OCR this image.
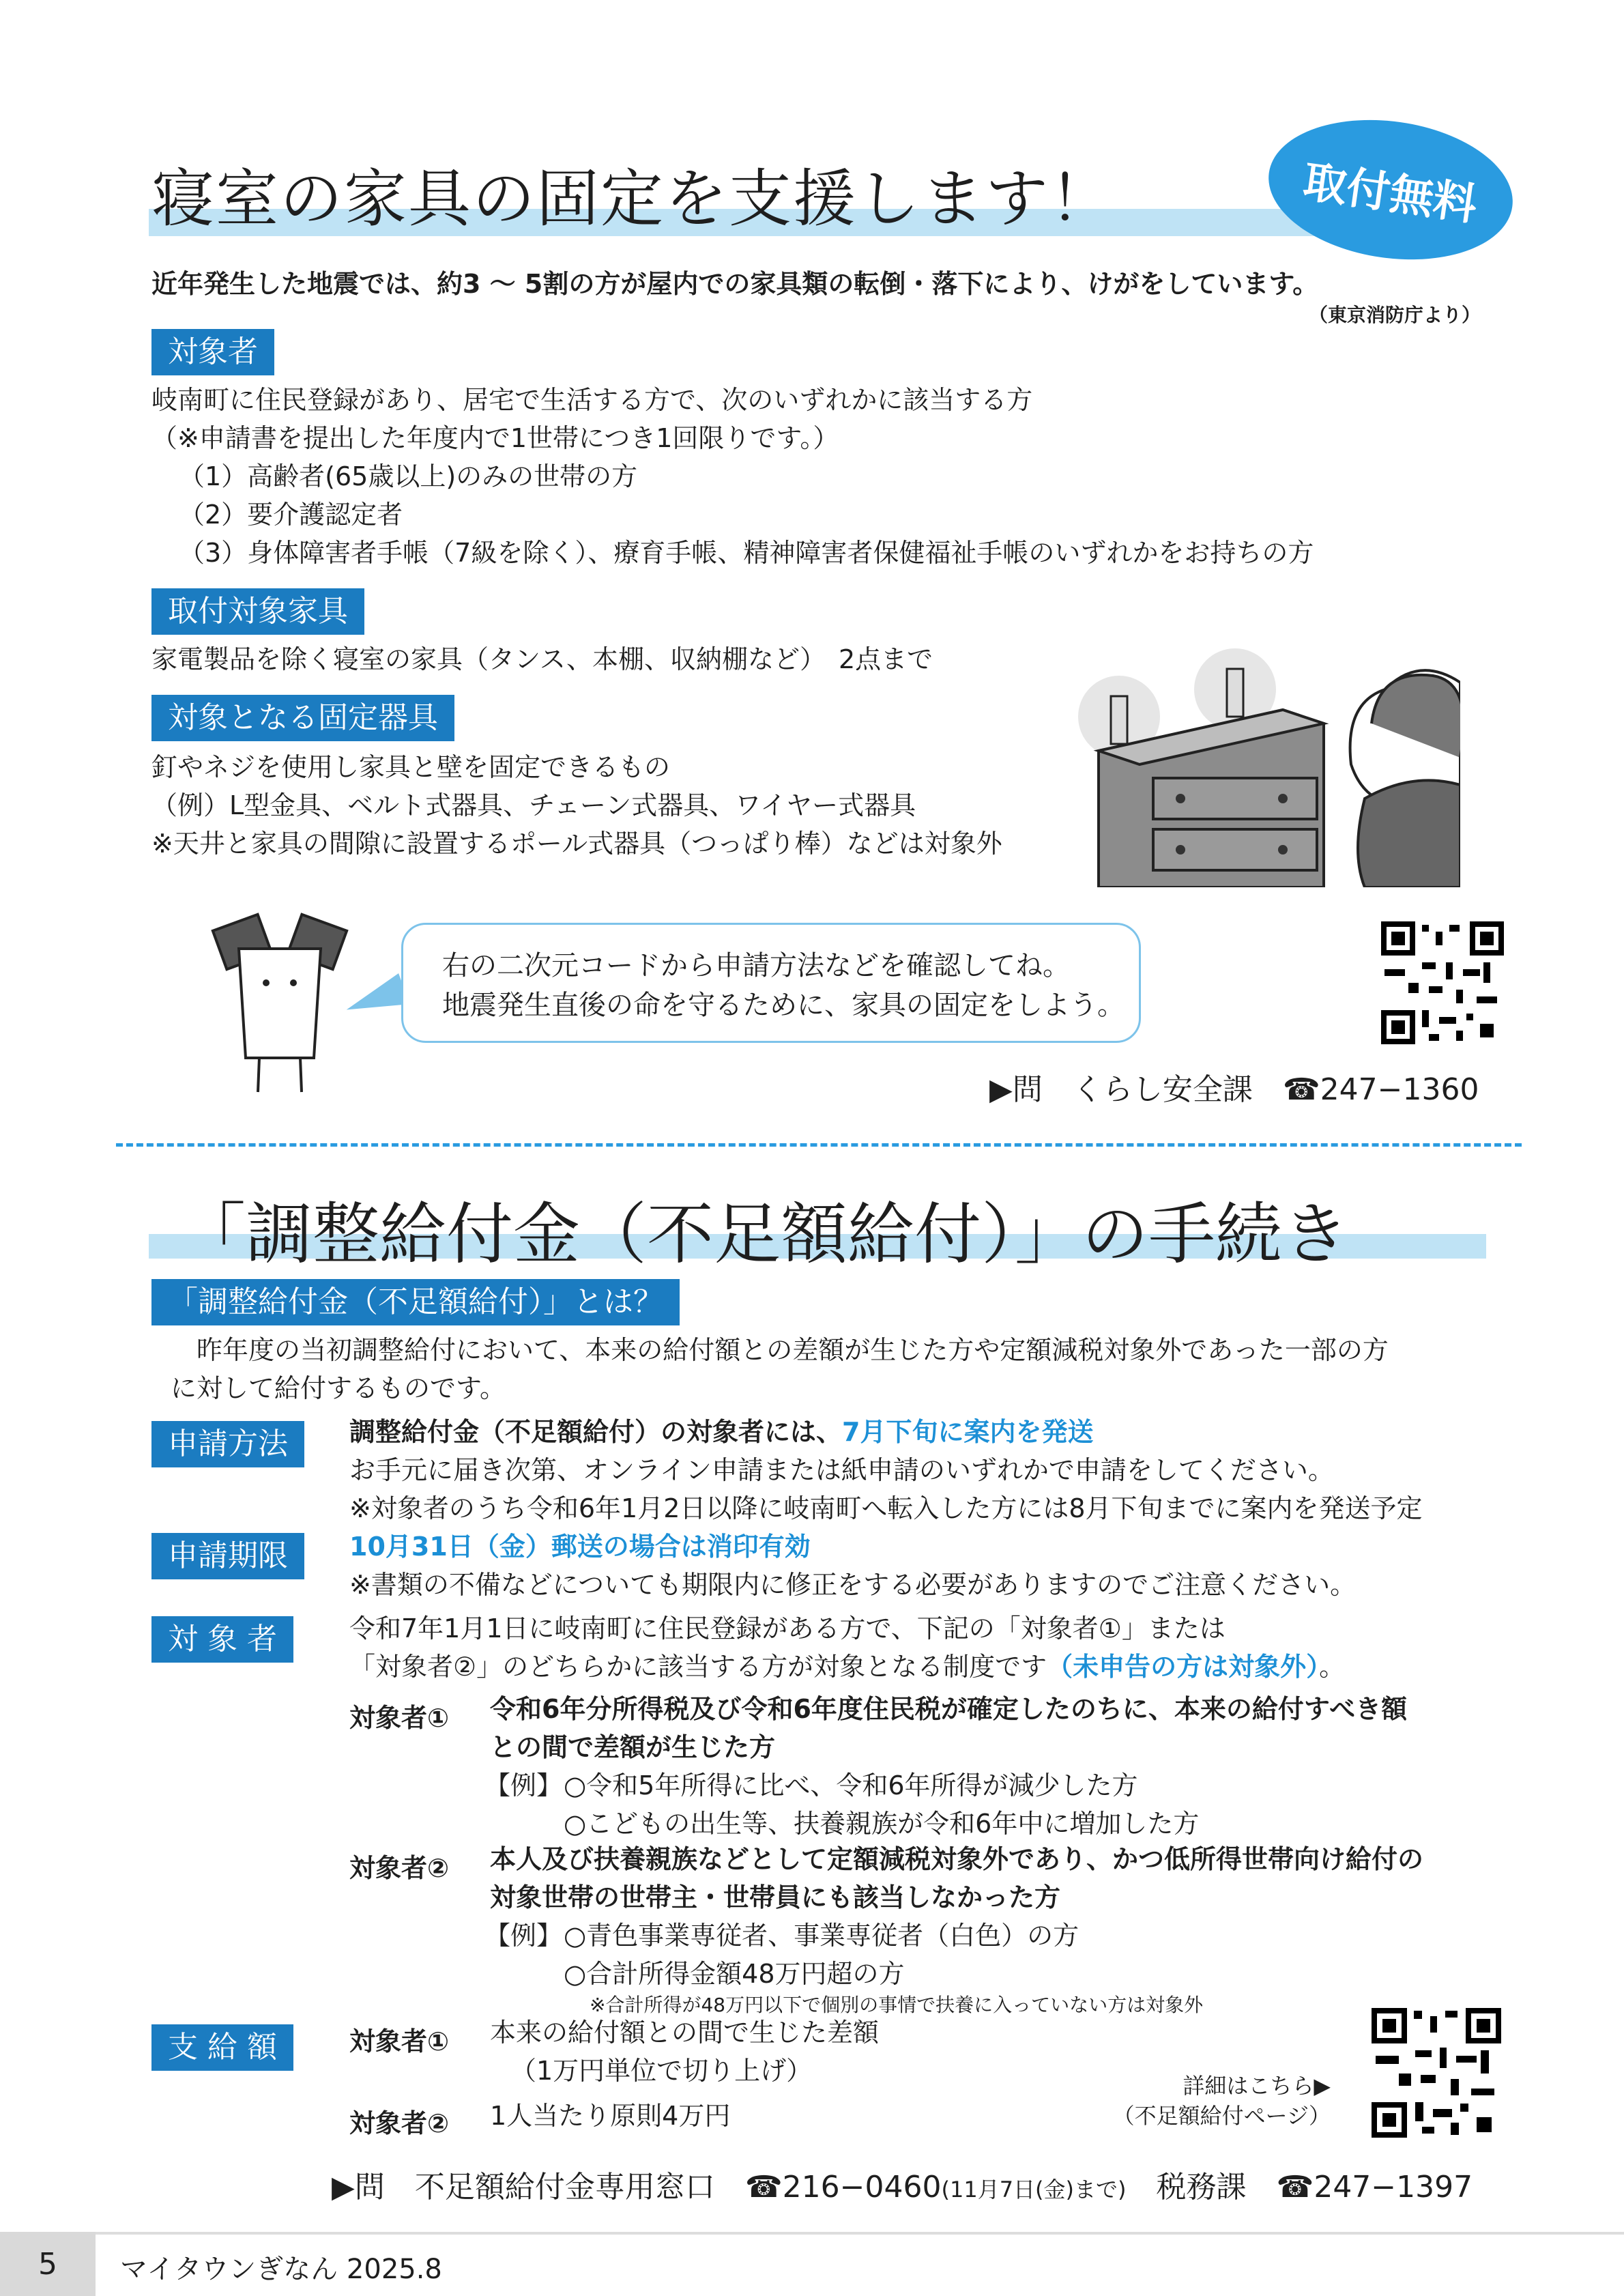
寝室の家具の固定を支援します！	取付無料
近年発生した地震では、約3 ～ 5割の方が屋内での家具類の転倒・落下により、けがをしています。
（東京消防庁より）
対象者
岐南町に住民登録があり、居宅で生活する方で、次のいずれかに該当する方
（※申請書を提出した年度内で1世帯につき1回限りです。）
（1）高齢者(65歳以上)のみの世帯の方
（2）要介護認定者
（3）身体障害者手帳（7級を除く）、療育手帳、精神障害者保健福祉手帳のいずれかをお持ちの方
取付対象家具
家電製品を除く寝室の家具（タンス、本棚、収納棚など）　2点まで
対象となる固定器具
釘やネジを使用し家具と壁を固定できるもの
（例）L型金具、ベルト式器具、チェーン式器具、ワイヤー式器具
※天井と家具の間隙に設置するポール式器具（つっぱり棒）などは対象外
右の二次元コードから申請方法などを確認してね。
地震発生直後の命を守るために、家具の固定をしよう。
▶問　くらし安全課　☎247−1360
「調整給付金（不足額給付）」の手続き
「調整給付金（不足額給付）」とは？
　昨年度の当初調整給付において、本来の給付額との差額が生じた方や定額減税対象外であった一部の方
に対して給付するものです。
申請方法	調整給付金（不足額給付）の対象者には、7月下旬に案内を発送
お手元に届き次第、オンライン申請または紙申請のいずれかで申請をしてください。
※対象者のうち令和6年1月2日以降に岐南町へ転入した方には8月下旬までに案内を発送予定
申請期限	10月31日（金）郵送の場合は消印有効
※書類の不備などについても期限内に修正をする必要がありますのでご注意ください。
対 象 者	令和7年1月1日に岐南町に住民登録がある方で、下記の「対象者①」または
「対象者②」のどちらかに該当する方が対象となる制度です（未申告の方は対象外）。
対象者① 令和6年分所得税及び令和6年度住民税が確定したのちに、本来の給付すべき額
との間で差額が生じた方
【例】 ○令和5年所得に比べ、令和6年所得が減少した方
○こどもの出生等、扶養親族が令和6年中に増加した方
対象者② 本人及び扶養親族などとして定額減税対象外であり、かつ低所得世帯向け給付の
対象世帯の世帯主・世帯員にも該当しなかった方
【例】 ○青色事業専従者、事業専従者（白色）の方
○合計所得金額48万円超の方
※合計所得が48万円以下で個別の事情で扶養に入っていない方は対象外
支 給 額	対象者① 本来の給付額との間で生じた差額
（1万円単位で切り上げ）
対象者② 1人当たり原則4万円
詳細はこちら▶
（不足額給付ページ）
▶問　不足額給付金専用窓口　☎216−0460(11月7日(金)まで)　税務課　☎247−1397
5	マイタウンぎなん 2025.8
